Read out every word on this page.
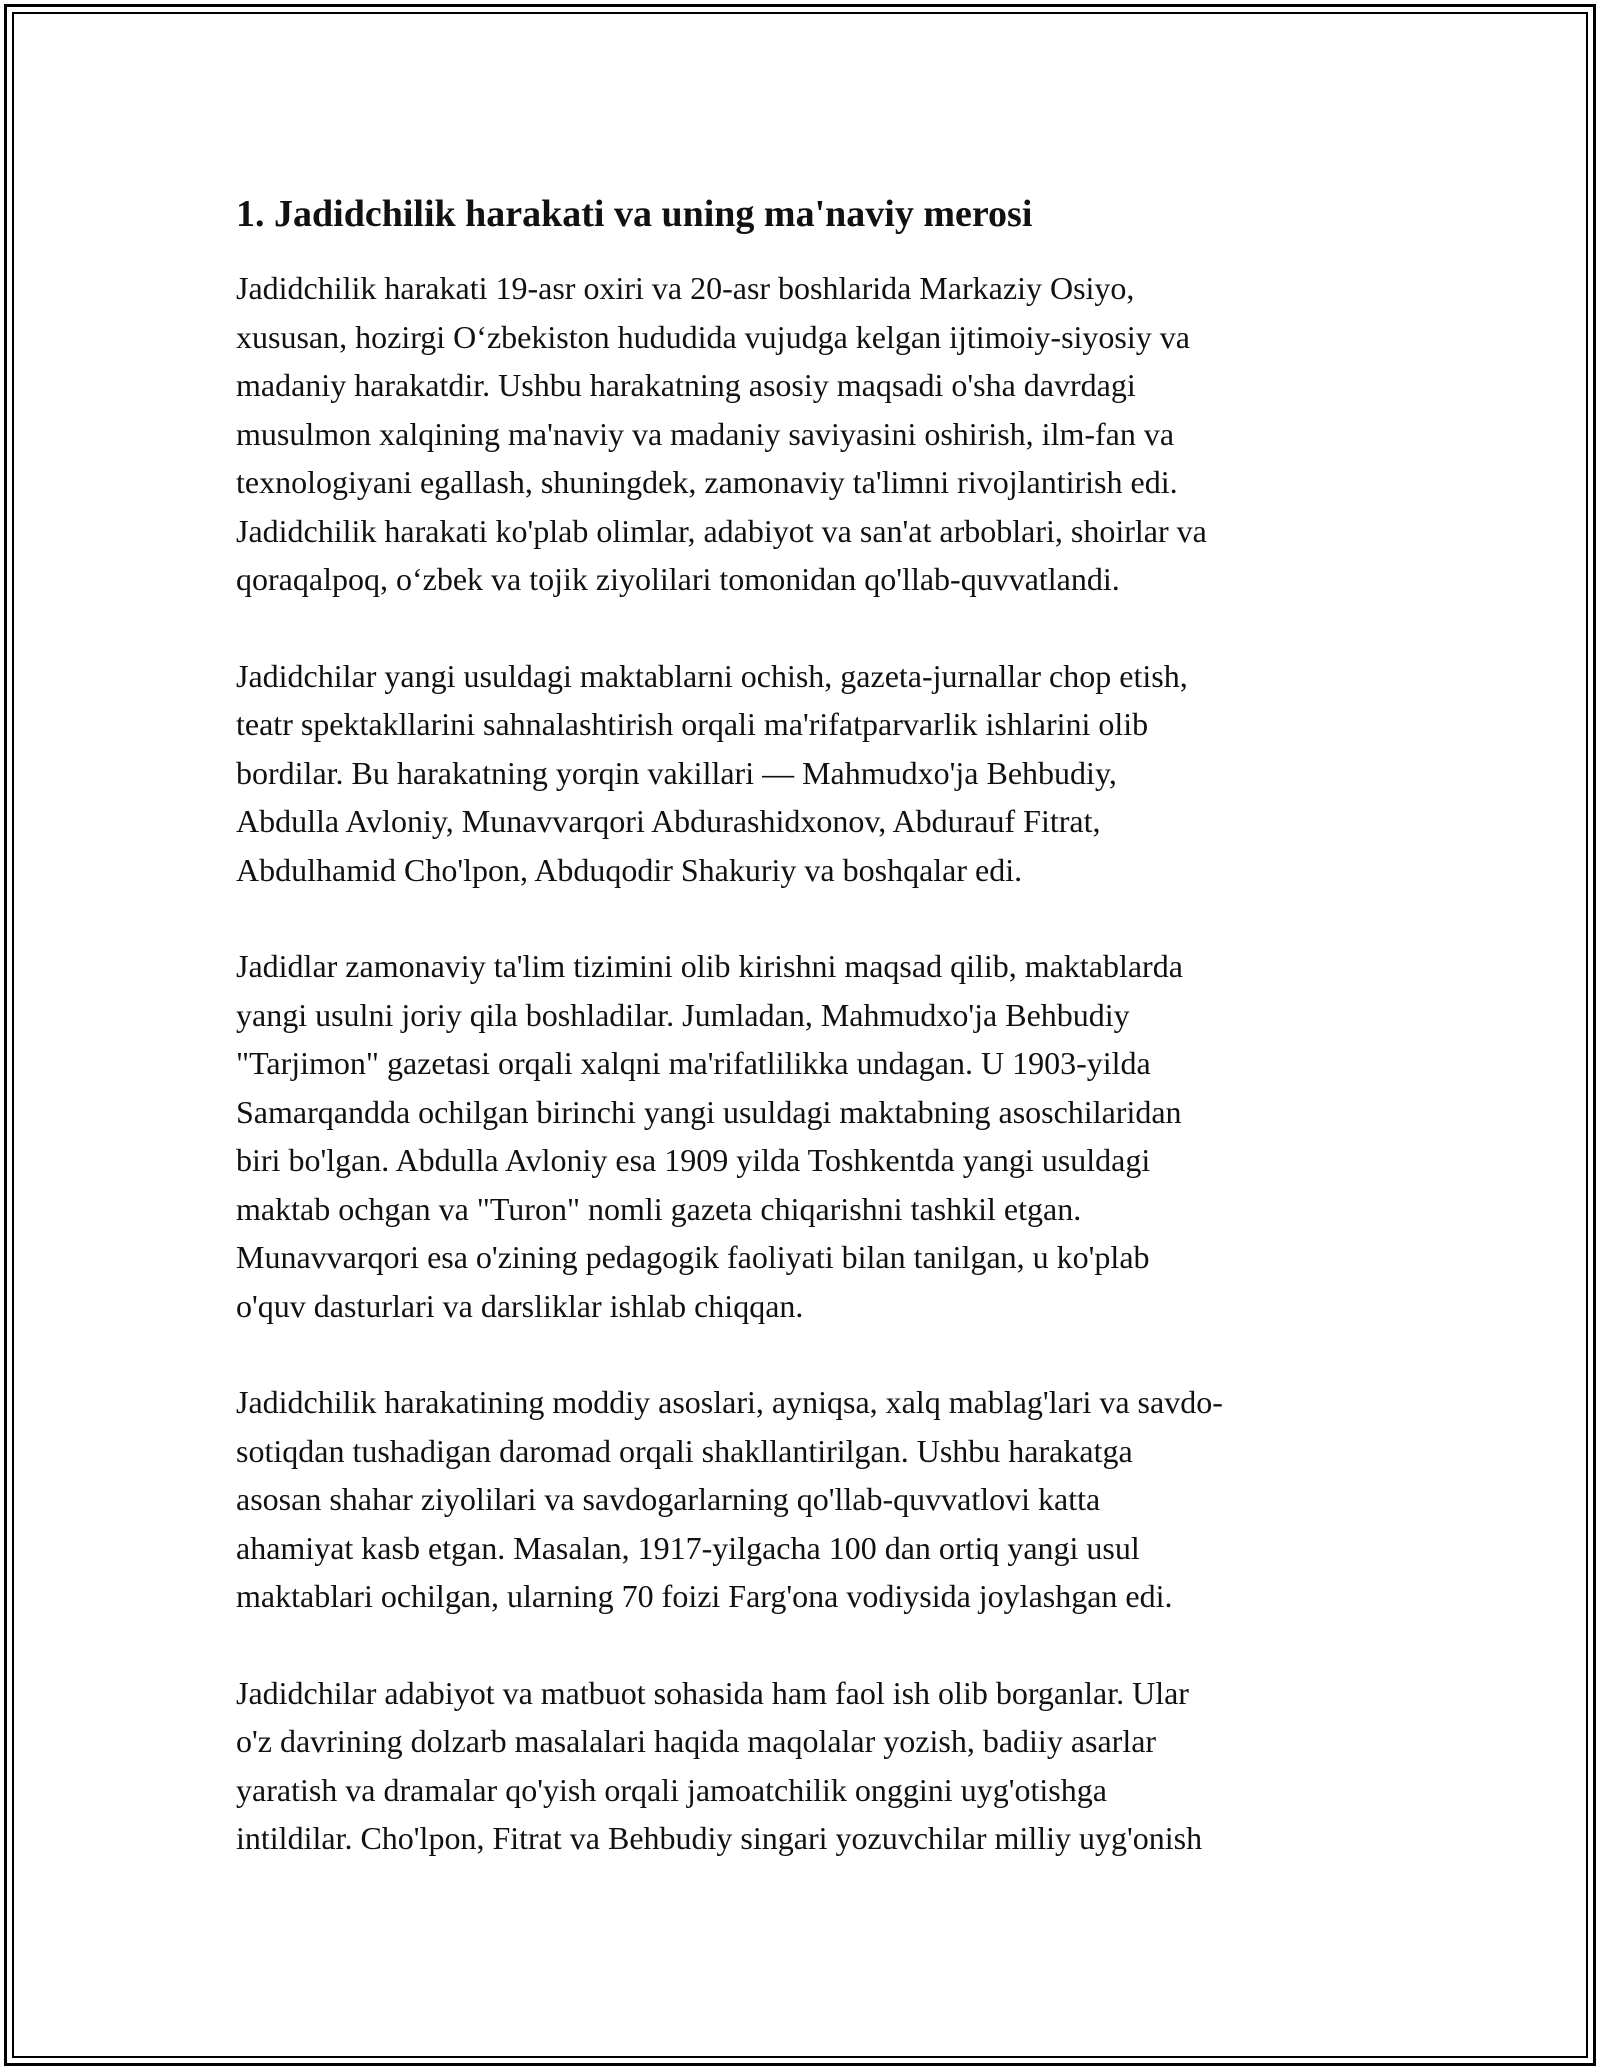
1. Jadidchilik harakati va uning ma'naviy merosi

Jadidchilik harakati 19-asr oxiri va 20-asr boshlarida Markaziy Osiyo,
xususan, hozirgi O‘zbekiston hududida vujudga kelgan ijtimoiy-siyosiy va
madaniy harakatdir. Ushbu harakatning asosiy maqsadi o'sha davrdagi
musulmon xalqining ma'naviy va madaniy saviyasini oshirish, ilm-fan va
texnologiyani egallash, shuningdek, zamonaviy ta'limni rivojlantirish edi.
Jadidchilik harakati ko'plab olimlar, adabiyot va san'at arboblari, shoirlar va
qoraqalpoq, o‘zbek va tojik ziyolilari tomonidan qo'llab-quvvatlandi.

Jadidchilar yangi usuldagi maktablarni ochish, gazeta-jurnallar chop etish,
teatr spektakllarini sahnalashtirish orqali ma'rifatparvarlik ishlarini olib
bordilar. Bu harakatning yorqin vakillari — Mahmudxo'ja Behbudiy,
Abdulla Avloniy, Munavvarqori Abdurashidxonov, Abdurauf Fitrat,
Abdulhamid Cho'lpon, Abduqodir Shakuriy va boshqalar edi.

Jadidlar zamonaviy ta'lim tizimini olib kirishni maqsad qilib, maktablarda
yangi usulni joriy qila boshladilar. Jumladan, Mahmudxo'ja Behbudiy
"Tarjimon" gazetasi orqali xalqni ma'rifatlilikka undagan. U 1903-yilda
Samarqandda ochilgan birinchi yangi usuldagi maktabning asoschilaridan
biri bo'lgan. Abdulla Avloniy esa 1909 yilda Toshkentda yangi usuldagi
maktab ochgan va "Turon" nomli gazeta chiqarishni tashkil etgan.
Munavvarqori esa o'zining pedagogik faoliyati bilan tanilgan, u ko'plab
o'quv dasturlari va darsliklar ishlab chiqqan.

Jadidchilik harakatining moddiy asoslari, ayniqsa, xalq mablag'lari va savdo-
sotiqdan tushadigan daromad orqali shakllantirilgan. Ushbu harakatga
asosan shahar ziyolilari va savdogarlarning qo'llab-quvvatlovi katta
ahamiyat kasb etgan. Masalan, 1917-yilgacha 100 dan ortiq yangi usul
maktablari ochilgan, ularning 70 foizi Farg'ona vodiysida joylashgan edi.

Jadidchilar adabiyot va matbuot sohasida ham faol ish olib borganlar. Ular
o'z davrining dolzarb masalalari haqida maqolalar yozish, badiiy asarlar
yaratish va dramalar qo'yish orqali jamoatchilik onggini uyg'otishga
intildilar. Cho'lpon, Fitrat va Behbudiy singari yozuvchilar milliy uyg'onish
